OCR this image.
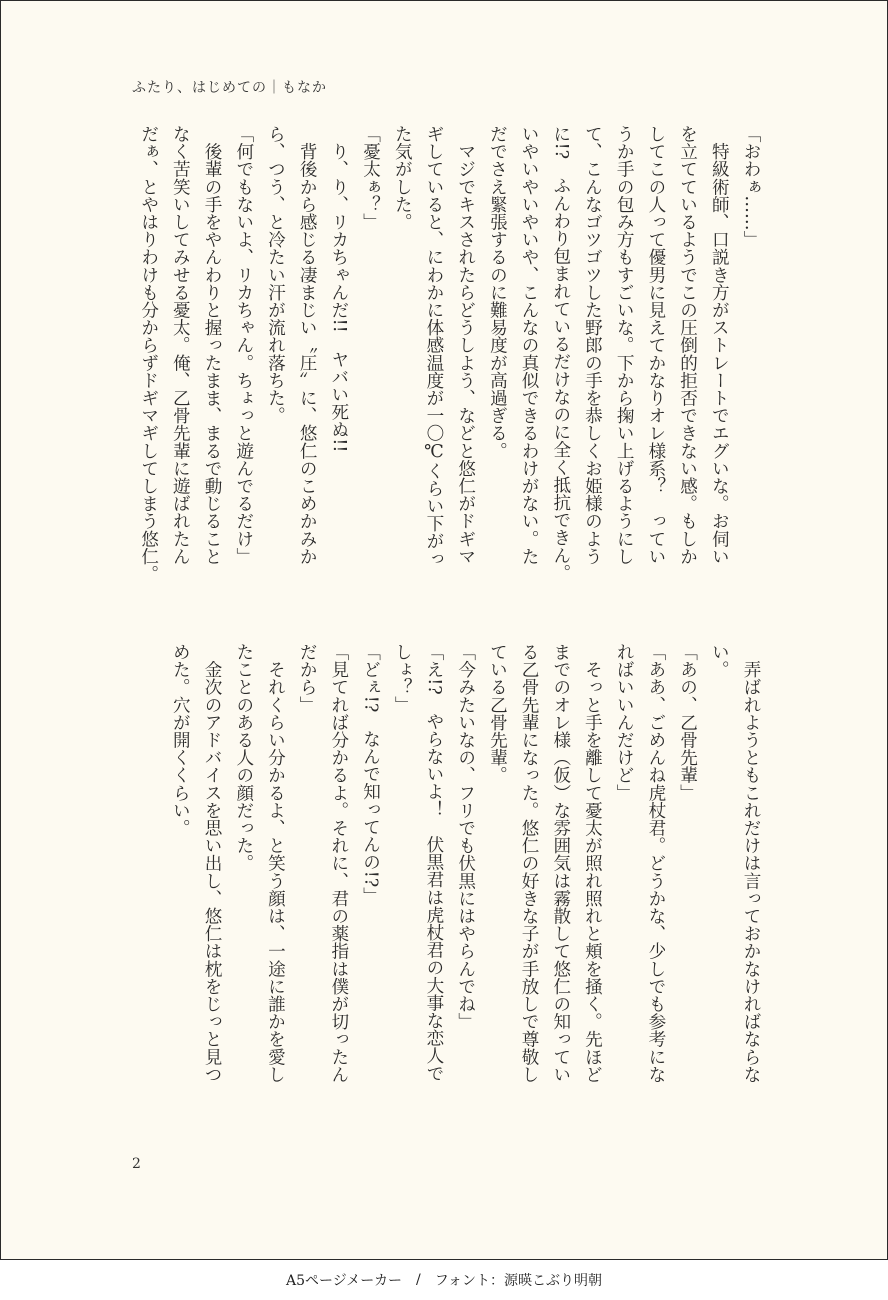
ふたり、はじめての｜もなか

「おわぁ……」

　特級術師、口説き方がストレートでエグいな。お伺い

を立てているようでこの圧倒的拒否できない感。もしか

してこの人って優男に見えてかなりオレ様系？　ってい

うか手の包み方もすごいな。下から掬い上げるようにし

て、こんなゴツゴツした野郎の手を恭しくお姫様のよう

に!?　ふんわり包まれているだけなのに全く抵抗できん。

いやいやいやいや、こんなの真似できるわけがない。た

だでさえ緊張するのに難易度が高過ぎる。

　マジでキスされたらどうしよう、などと悠仁がドギマ

ギしていると、にわかに体感温度が一〇℃くらい下がっ

た気がした。

「憂太ぁ？」

　り、り、リカちゃんだ!!　ヤバい死ぬ!!

　背後から感じる凄まじい〝圧〟に、悠仁のこめかみか

ら、つう、と冷たい汗が流れ落ちた。

「何でもないよ、リカちゃん。ちょっと遊んでるだけ」

　後輩の手をやんわりと握ったまま、まるで動じること

なく苦笑いしてみせる憂太。俺、乙骨先輩に遊ばれたん

だぁ、とやはりわけも分からずドギマギしてしまう悠仁。

　弄ばれようともこれだけは言っておかなければならな

い。

「あの、乙骨先輩」

「ああ、ごめんね虎杖君。どうかな、少しでも参考にな

ればいいんだけど」

　そっと手を離して憂太が照れ照れと頬を掻く。先ほど

までのオレ様（仮）な雰囲気は霧散して悠仁の知ってい

る乙骨先輩になった。悠仁の好きな子が手放しで尊敬し

ている乙骨先輩。

「今みたいなの、フリでも伏黒にはやらんでね」

「え!?　やらないよ！　伏黒君は虎杖君の大事な恋人で

しょ？」

「どぇ!?　なんで知ってんの!?」

「見てれば分かるよ。それに、君の薬指は僕が切ったん

だから」

　それくらい分かるよ、と笑う顔は、一途に誰かを愛し

たことのある人の顔だった。

　金次のアドバイスを思い出し、悠仁は枕をじっと見つ

めた。穴が開くくらい。

2
A5ページメーカー / フォント：源暎こぶり明朝
